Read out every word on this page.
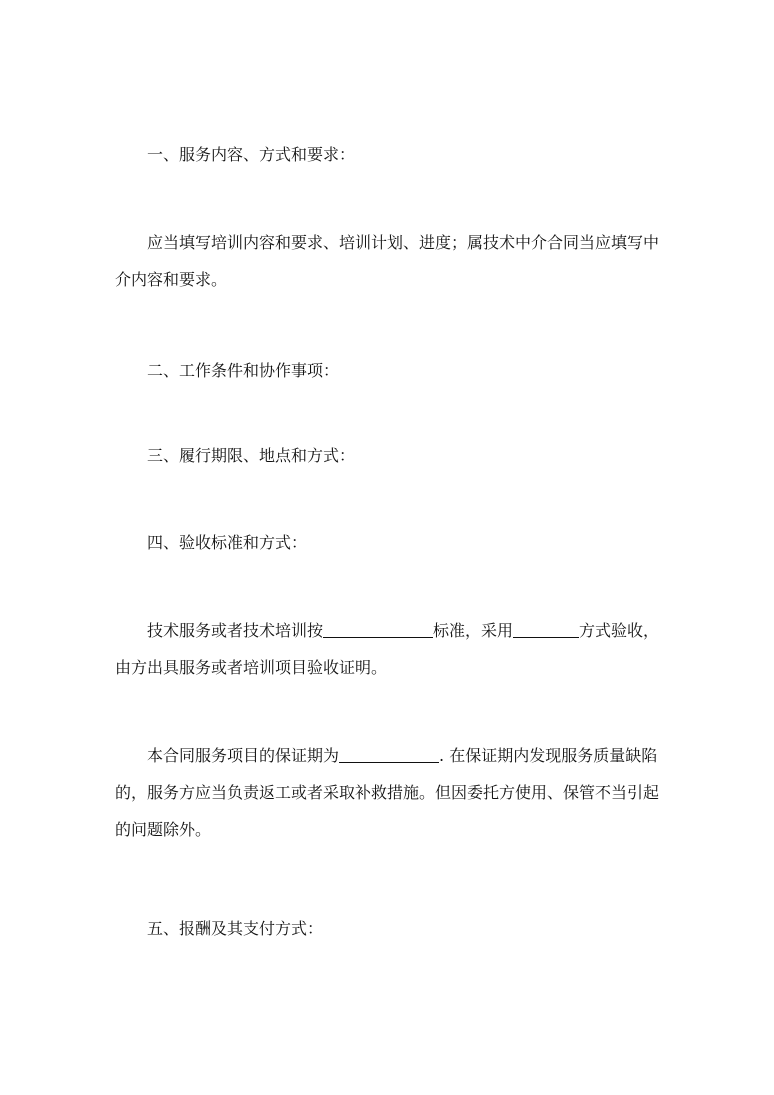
一、服务内容、方式和要求：

应当填写培训内容和要求、培训计划、进度；属技术中介合同当应填写中介内容和要求。

二、工作条件和协作事项：

三、履行期限、地点和方式：

四、验收标准和方式：

技术服务或者技术培训按	标准，采用	方式验收，由方出具服务或者培训项目验收证明。

本合同服务项目的保证期为	. 在保证期内发现服务质量缺陷的，服务方应当负责返工或者采取补救措施。但因委托方使用、保管不当引起的问题除外。

五、报酬及其支付方式：
